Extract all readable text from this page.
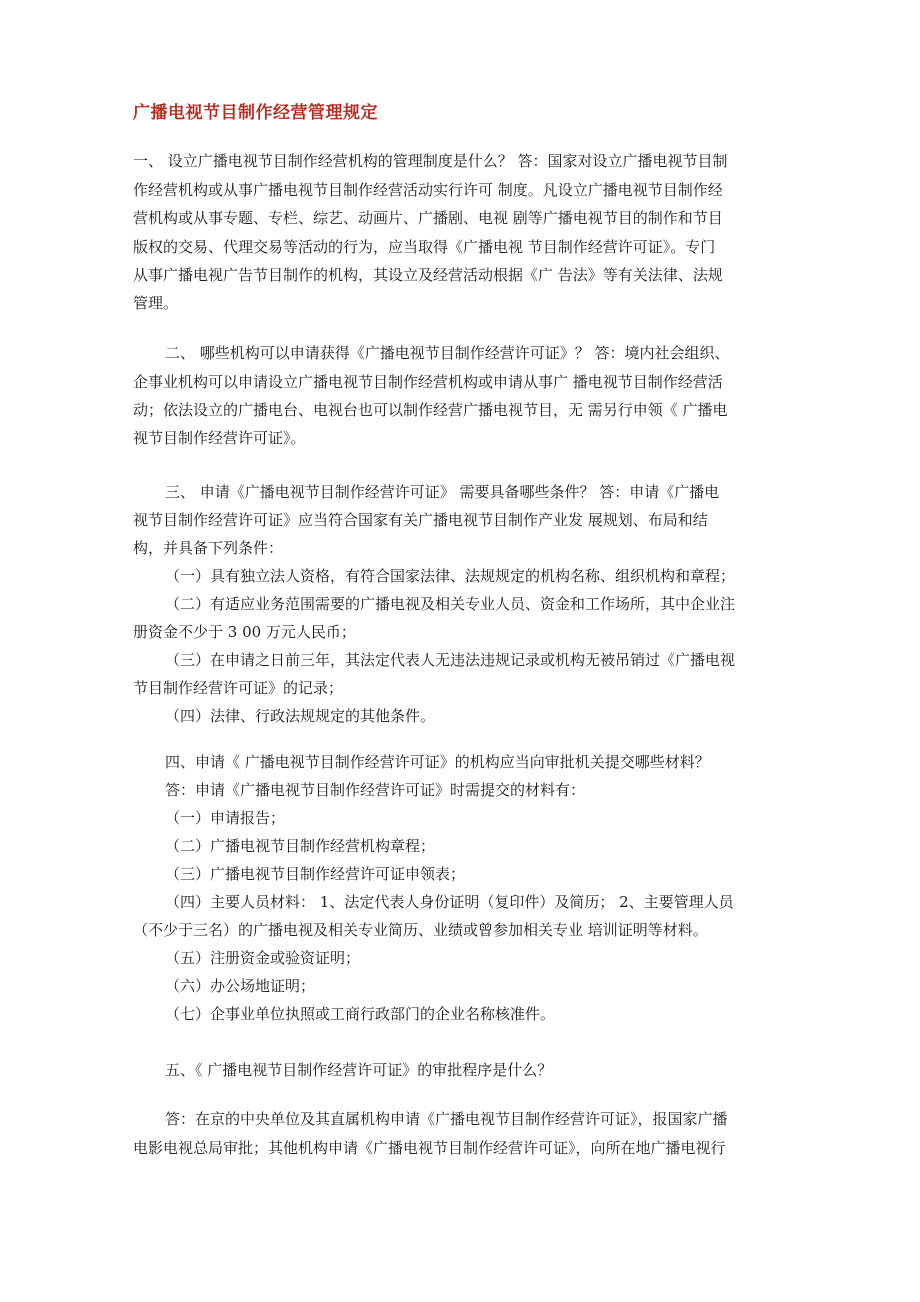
广播电视节目制作经营管理规定
一、 设立广播电视节目制作经营机构的管理制度是什么？ 答：国家对设立广播电视节目制
作经营机构或从事广播电视节目制作经营活动实行许可 制度。凡设立广播电视节目制作经
营机构或从事专题、专栏、综艺、动画片、广播剧、电视 剧等广播电视节目的制作和节目
版权的交易、代理交易等活动的行为，应当取得《广播电视 节目制作经营许可证》。专门
从事广播电视广告节目制作的机构，其设立及经营活动根据《广 告法》等有关法律、法规
管理。
二、 哪些机构可以申请获得《广播电视节目制作经营许可证》？ 答：境内社会组织、
企事业机构可以申请设立广播电视节目制作经营机构或申请从事广 播电视节目制作经营活
动；依法设立的广播电台、电视台也可以制作经营广播电视节目，无 需另行申领《 广播电
视节目制作经营许可证》。
三、 申请《广播电视节目制作经营许可证》 需要具备哪些条件？ 答：申请《广播电
视节目制作经营许可证》应当符合国家有关广播电视节目制作产业发 展规划、布局和结
构，并具备下列条件：
（一）具有独立法人资格，有符合国家法律、法规规定的机构名称、组织机构和章程；
（二）有适应业务范围需要的广播电视及相关专业人员、资金和工作场所，其中企业注
册资金不少于 3 00 万元人民币；
（三）在申请之日前三年，其法定代表人无违法违规记录或机构无被吊销过《广播电视
节目制作经营许可证》的记录；
（四）法律、行政法规规定的其他条件。
四、申请《 广播电视节目制作经营许可证》的机构应当向审批机关提交哪些材料？
答：申请《广播电视节目制作经营许可证》时需提交的材料有：
（一）申请报告；
（二）广播电视节目制作经营机构章程；
（三）广播电视节目制作经营许可证申领表；
（四）主要人员材料： 1、法定代表人身份证明（复印件）及简历； 2、主要管理人员
（不少于三名）的广播电视及相关专业简历、业绩或曾参加相关专业 培训证明等材料。
（五）注册资金或验资证明；
（六）办公场地证明；
（七）企事业单位执照或工商行政部门的企业名称核准件。
五、《 广播电视节目制作经营许可证》的审批程序是什么？
答：在京的中央单位及其直属机构申请《广播电视节目制作经营许可证》，报国家广播
电影电视总局审批；其他机构申请《广播电视节目制作经营许可证》，向所在地广播电视行
